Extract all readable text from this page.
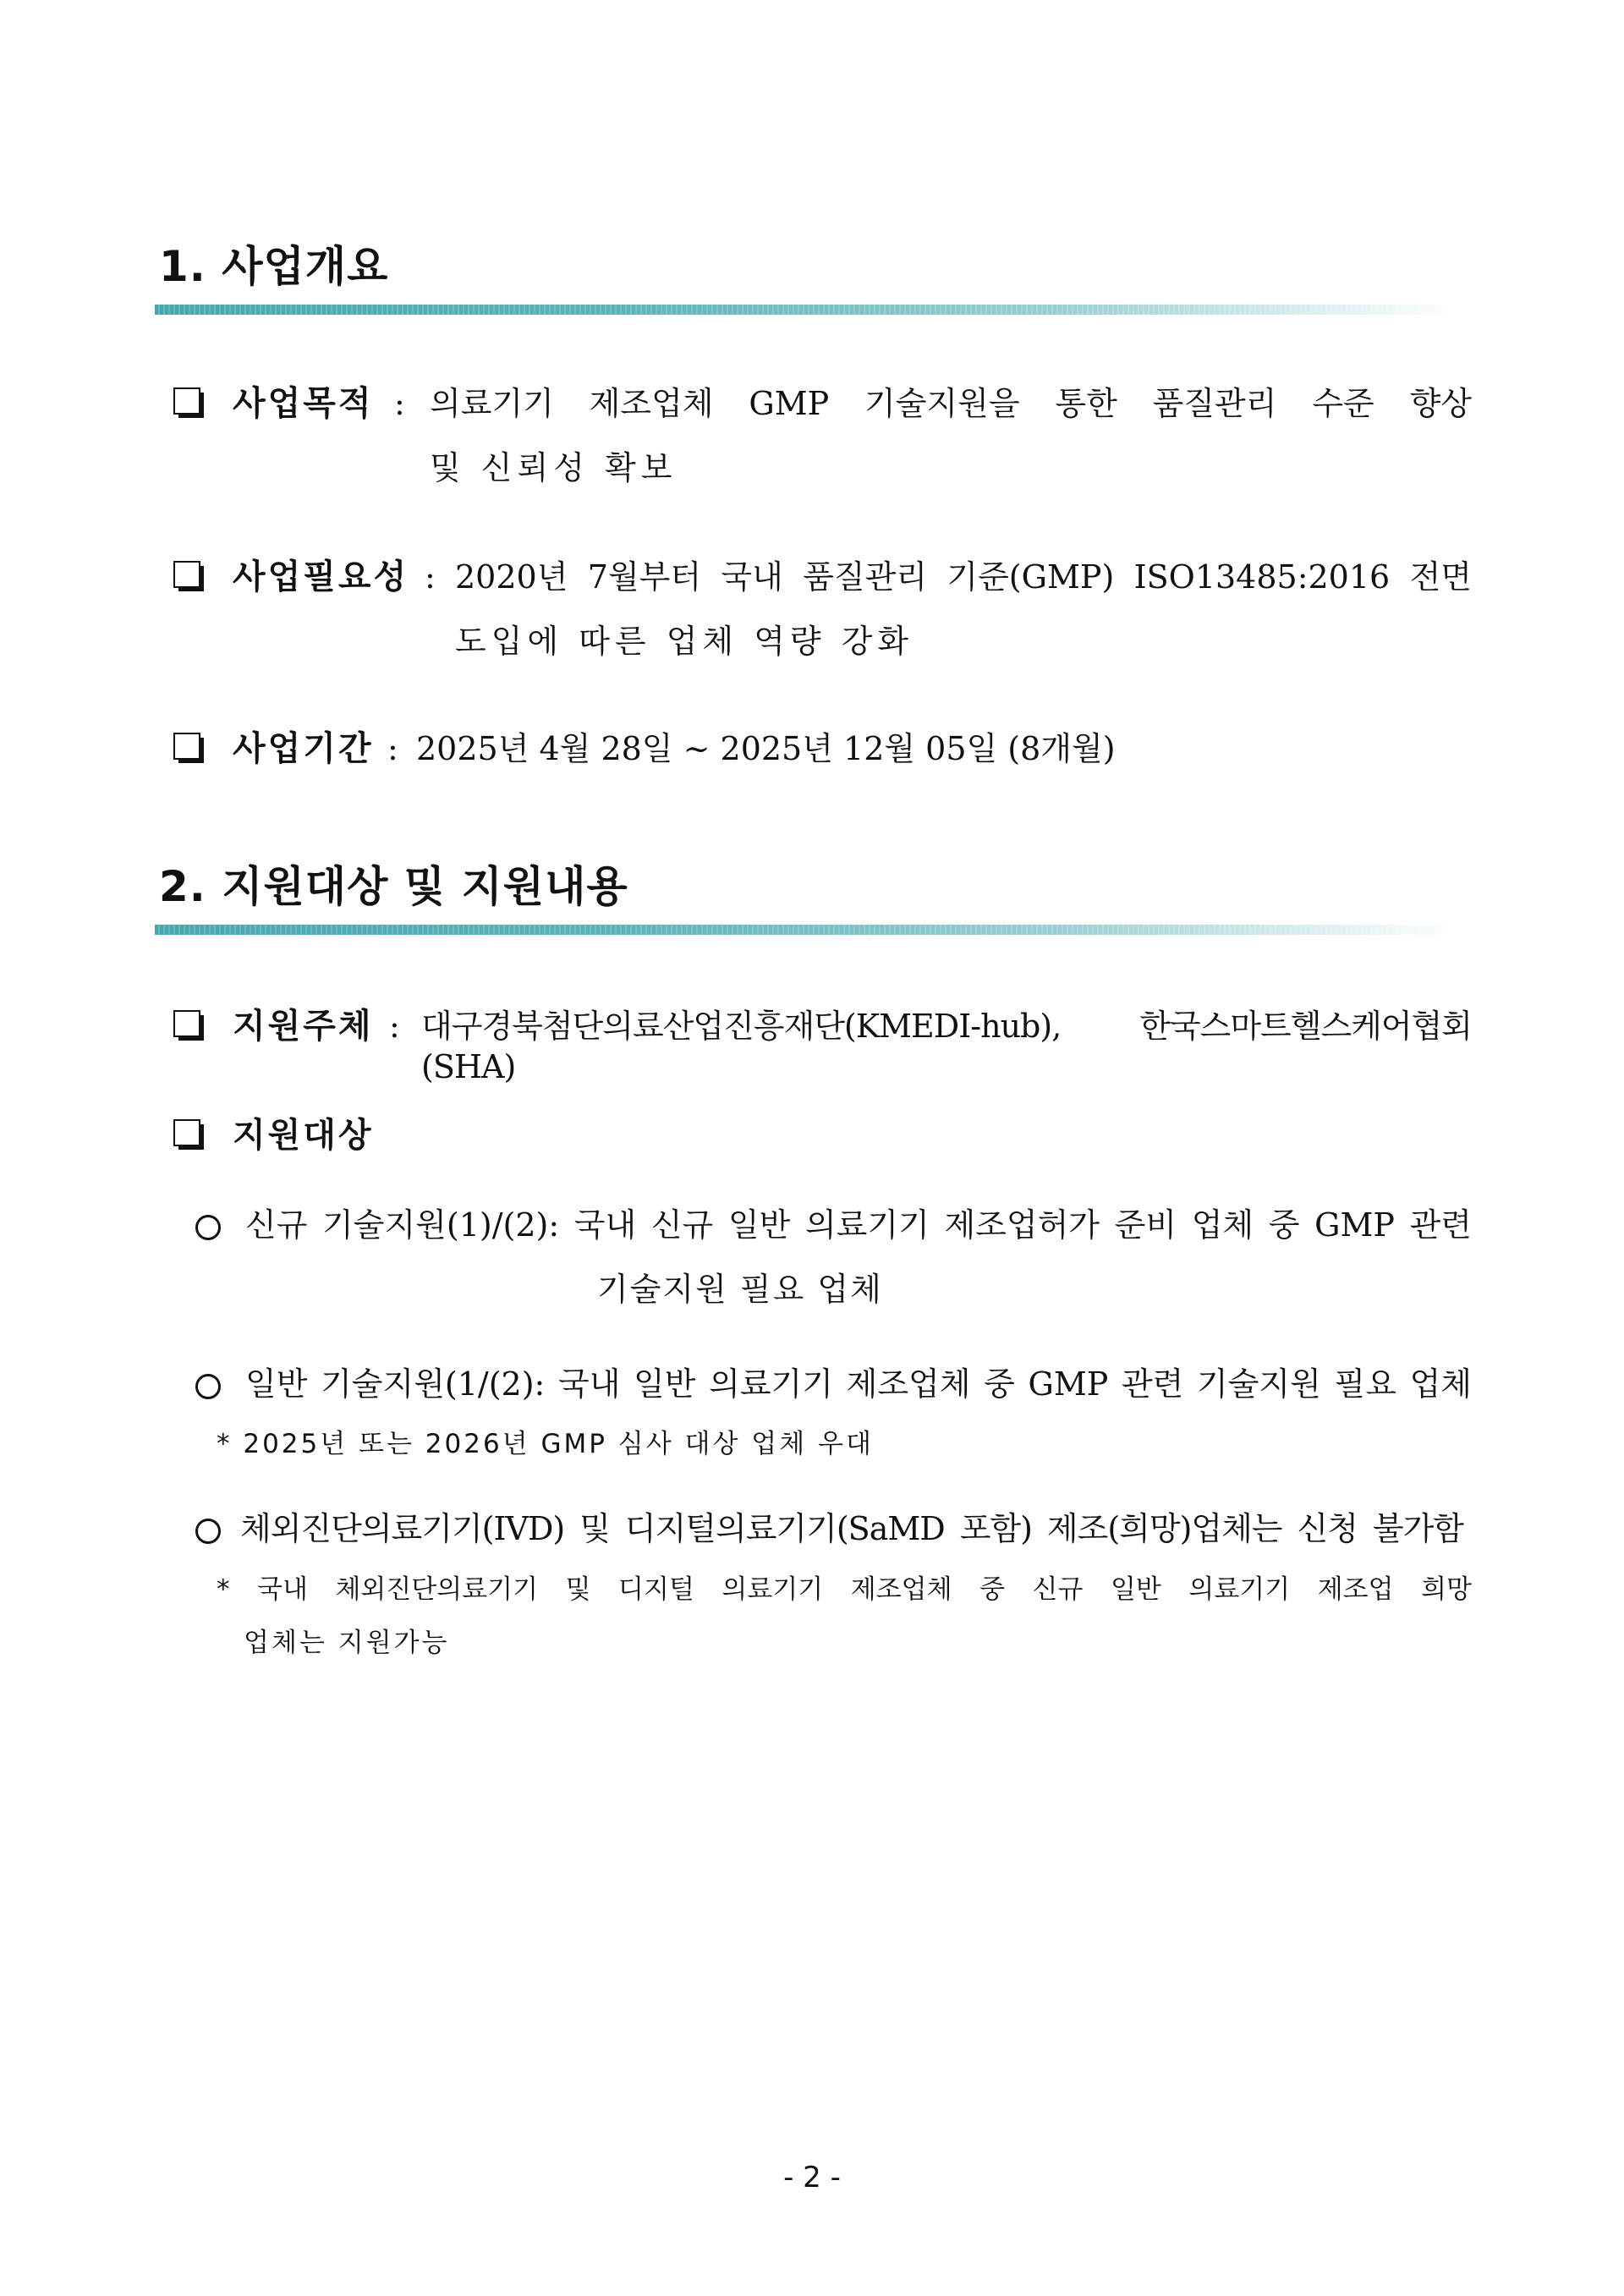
1. 사업개요
사업목적 : 의료기기 제조업체 GMP 기술지원을 통한 품질관리 수준 향상
및 신뢰성 확보
사업필요성 : 2020년 7월부터 국내 품질관리 기준(GMP) ISO13485:2016 전면
도입에 따른 업체 역량 강화
사업기간 : 2025년 4월 28일 ~ 2025년 12월 05일 (8개월)
2. 지원대상 및 지원내용
지원주체 : 대구경북첨단의료산업진흥재단(KMEDI-hub), 한국스마트헬스케어협회(SHA)
지원대상
신규 기술지원(1)/(2): 국내 신규 일반 의료기기 제조업허가 준비 업체 중 GMP 관련
기술지원 필요 업체
일반 기술지원(1/(2): 국내 일반 의료기기 제조업체 중 GMP 관련 기술지원 필요 업체
* 2025년 또는 2026년 GMP 심사 대상 업체 우대
체외진단의료기기(IVD) 및 디지털의료기기(SaMD 포함) 제조(희망)업체는 신청 불가함
* 국내 체외진단의료기기 및 디지털 의료기기 제조업체 중 신규 일반 의료기기 제조업 희망
업체는 지원가능
- 2 -
